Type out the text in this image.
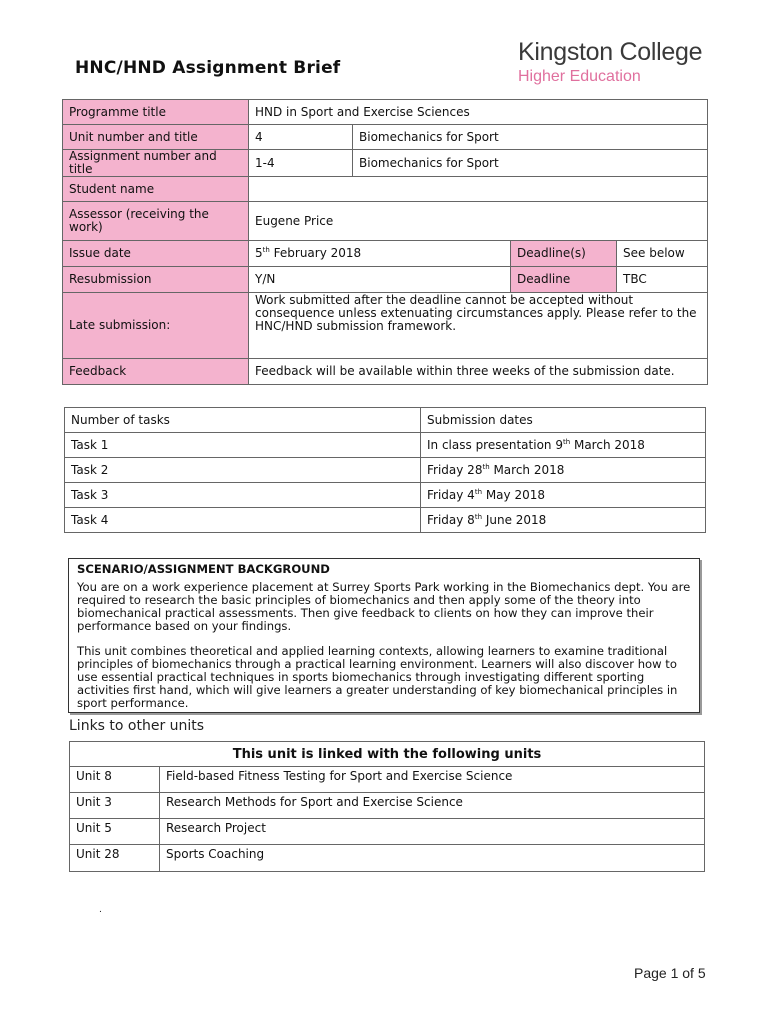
HNC/HND Assignment Brief
Kingston College
Higher Education
Programme title	HND in Sport and Exercise Sciences			
Unit number and title	4	Biomechanics for Sport		
Assignment number and title	1-4	Biomechanics for Sport		
Student name				
Assessor (receiving the work)	Eugene Price			
Issue date	5th February 2018		Deadline(s)	See below
Resubmission	Y/N		Deadline	TBC
Late submission:	Work submitted after the deadline cannot be accepted without consequence unless extenuating circumstances apply. Please refer to the HNC/HND submission framework.			
Feedback	Feedback will be available within three weeks of the submission date.			
Number of tasks	Submission dates
Task 1	In class presentation 9th March 2018
Task 2	Friday 28th March 2018
Task 3	Friday 4th May 2018
Task 4	Friday 8th June 2018
SCENARIO/ASSIGNMENT BACKGROUND

You are on a work experience placement at Surrey Sports Park working in the Biomechanics dept. You are required to research the basic principles of biomechanics and then apply some of the theory into biomechanical practical assessments. Then give feedback to clients on how they can improve their performance based on your findings.

This unit combines theoretical and applied learning contexts, allowing learners to examine traditional principles of biomechanics through a practical learning environment. Learners will also discover how to use essential practical techniques in sports biomechanics through investigating different sporting activities first hand, which will give learners a greater understanding of key biomechanical principles in sport performance.

Links to other units
This unit is linked with the following units	
Unit 8	Field-based Fitness Testing for Sport and Exercise Science
Unit 3	Research Methods for Sport and Exercise Science
Unit 5	Research Project
Unit 28	Sports Coaching
.
Page 1 of 5
